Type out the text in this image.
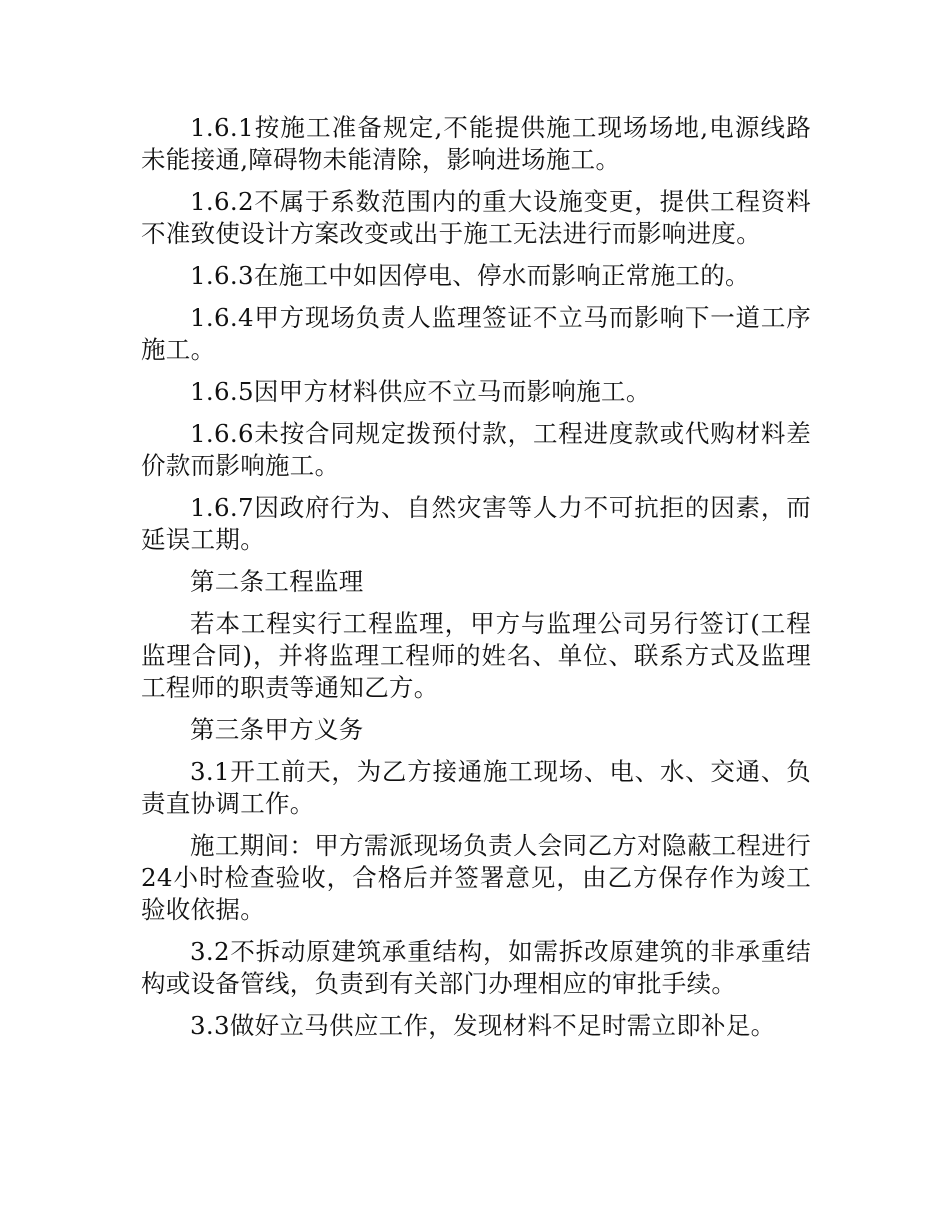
1.6.1按施工准备规定,不能提供施工现场场地,电源线路未能接通,障碍物未能清除，影响进场施工。

1.6.2不属于系数范围内的重大设施变更，提供工程资料不准致使设计方案改变或出于施工无法进行而影响进度。

1.6.3在施工中如因停电、停水而影响正常施工的。

1.6.4甲方现场负责人监理签证不立马而影响下一道工序施工。

1.6.5因甲方材料供应不立马而影响施工。

1.6.6未按合同规定拨预付款，工程进度款或代购材料差价款而影响施工。

1.6.7因政府行为、自然灾害等人力不可抗拒的因素，而延误工期。

第二条工程监理

若本工程实行工程监理，甲方与监理公司另行签订(工程监理合同)，并将监理工程师的姓名、单位、联系方式及监理工程师的职责等通知乙方。

第三条甲方义务

3.1开工前天，为乙方接通施工现场、电、水、交通、负责直协调工作。

施工期间：甲方需派现场负责人会同乙方对隐蔽工程进行24小时检查验收，合格后并签署意见，由乙方保存作为竣工验收依据。

3.2不拆动原建筑承重结构，如需拆改原建筑的非承重结构或设备管线，负责到有关部门办理相应的审批手续。

3.3做好立马供应工作，发现材料不足时需立即补足。
